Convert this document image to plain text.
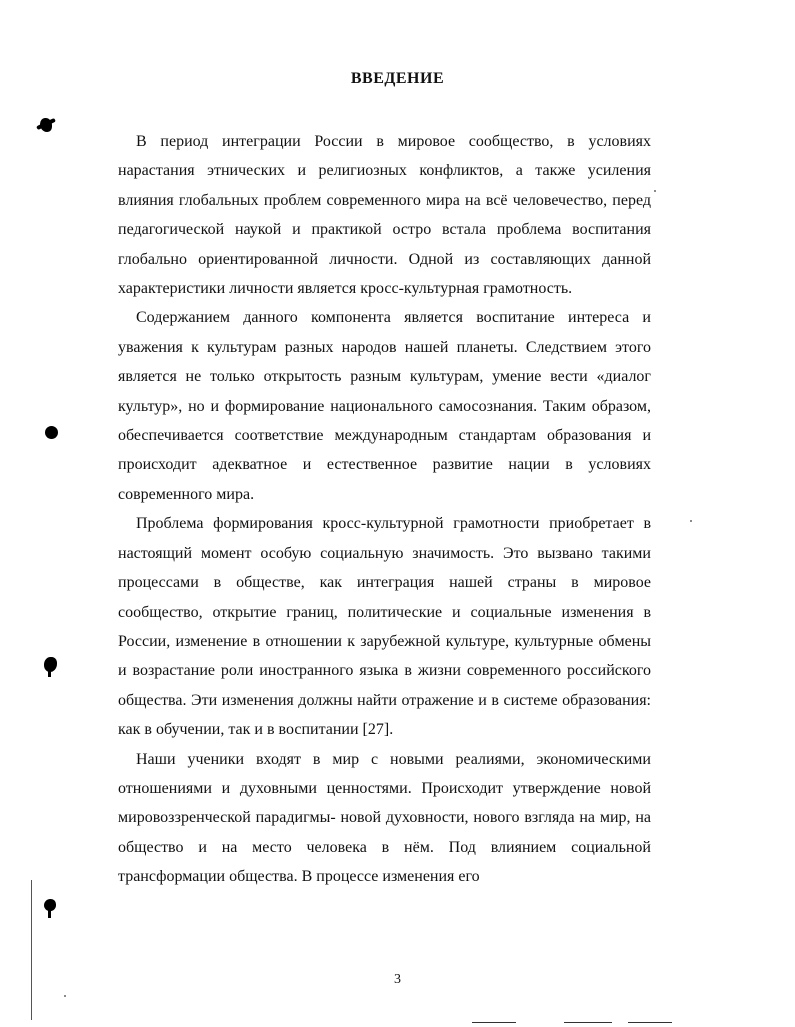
ВВЕДЕНИЕ

В период интеграции России в мировое сообщество, в условиях нарастания этнических и религиозных конфликтов, а также усиления влияния глобальных проблем современного мира на всё человечество, перед педагогической наукой и практикой остро встала проблема воспитания глобально ориентированной личности. Одной из составляющих данной характеристики личности является кросс-культурная грамотность.

Содержанием данного компонента является воспитание интереса и уважения к культурам разных народов нашей планеты. Следствием этого является не только открытость разным культурам, умение вести «диалог культур», но и формирование национального самосознания. Таким образом, обеспечивается соответствие международным стандартам образования и происходит адекватное и естественное развитие нации в условиях современного мира.

Проблема формирования кросс-культурной грамотности приобретает в настоящий момент особую социальную значимость. Это вызвано такими процессами в обществе, как интеграция нашей страны в мировое сообщество, открытие границ, политические и социальные изменения в России, изменение в отношении к зарубежной культуре, культурные обмены и возрастание роли иностранного языка в жизни современного российского общества. Эти изменения должны найти отражение и в системе образования: как в обучении, так и в воспитании [27].

Наши ученики входят в мир с новыми реалиями, экономическими отношениями и духовными ценностями. Происходит утверждение новой мировоззренческой парадигмы- новой духовности, нового взгляда на мир, на общество и на место человека в нём. Под влиянием социальной трансформации общества. В процессе изменения его

3
